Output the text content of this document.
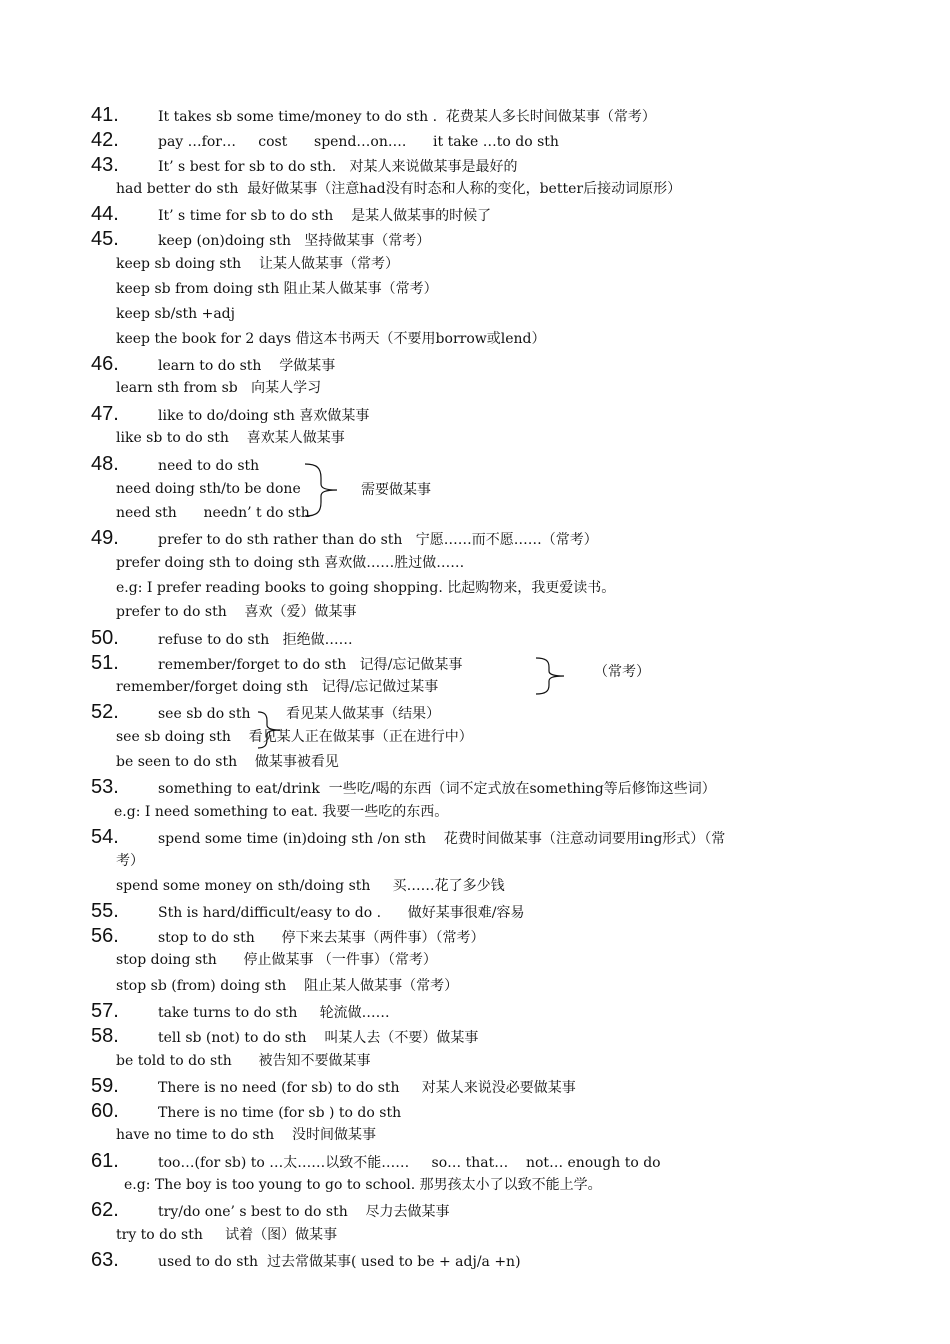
41.	It takes sb some time/money to do sth .  花费某人多长时间做某事（常考）
42.	pay …for…     cost      spend…on….      it take …to do sth
43.	It’ s best for sb to do sth.   对某人来说做某事是最好的
had better do sth  最好做某事（注意had没有时态和人称的变化，better后接动词原形）
44.	It’ s time for sb to do sth    是某人做某事的时候了
45.	keep (on)doing sth   坚持做某事（常考）
keep sb doing sth    让某人做某事（常考）
keep sb from doing sth 阻止某人做某事（常考）
keep sb/sth +adj
keep the book for 2 days 借这本书两天（不要用borrow或lend）
46.	learn to do sth    学做某事
learn sth from sb   向某人学习
47.	like to do/doing sth 喜欢做某事
like sb to do sth    喜欢某人做某事
48.	need to do sth
need doing sth/to be done
need sth      needn’ t do sth
需要做某事
49.	prefer to do sth rather than do sth   宁愿……而不愿……（常考）
prefer doing sth to doing sth 喜欢做……胜过做……
e.g: I prefer reading books to going shopping. 比起购物来，我更爱读书。
prefer to do sth    喜欢（爱）做某事
50.	refuse to do sth   拒绝做……
51.	remember/forget to do sth   记得/忘记做某事
remember/forget doing sth   记得/忘记做过某事
（常考）
52.	see sb do sth        看见某人做某事（结果）
see sb doing sth    看见某人正在做某事（正在进行中）
be seen to do sth    做某事被看见
53.	something to eat/drink  一些吃/喝的东西（词不定式放在something等后修饰这些词）
e.g: I need something to eat. 我要一些吃的东西。
54.	spend some time (in)doing sth /on sth    花费时间做某事（注意动词要用ing形式）（常
考）
spend some money on sth/doing sth     买……花了多少钱
55.	Sth is hard/difficult/easy to do .      做好某事很难/容易
56.	stop to do sth      停下来去某事（两件事）（常考）
stop doing sth      停止做某事 （一件事）（常考）
stop sb (from) doing sth    阻止某人做某事（常考）
57.	take turns to do sth     轮流做……
58.	tell sb (not) to do sth    叫某人去（不要）做某事
be told to do sth      被告知不要做某事
59.	There is no need (for sb) to do sth     对某人来说没必要做某事
60.	There is no time (for sb ) to do sth
have no time to do sth    没时间做某事
61.	too…(for sb) to …太……以致不能……     so… that…    not… enough to do
e.g: The boy is too young to go to school. 那男孩太小了以致不能上学。
62.	try/do one’ s best to do sth    尽力去做某事
try to do sth     试着（图）做某事
63.	used to do sth  过去常做某事( used to be + adj/a +n)
